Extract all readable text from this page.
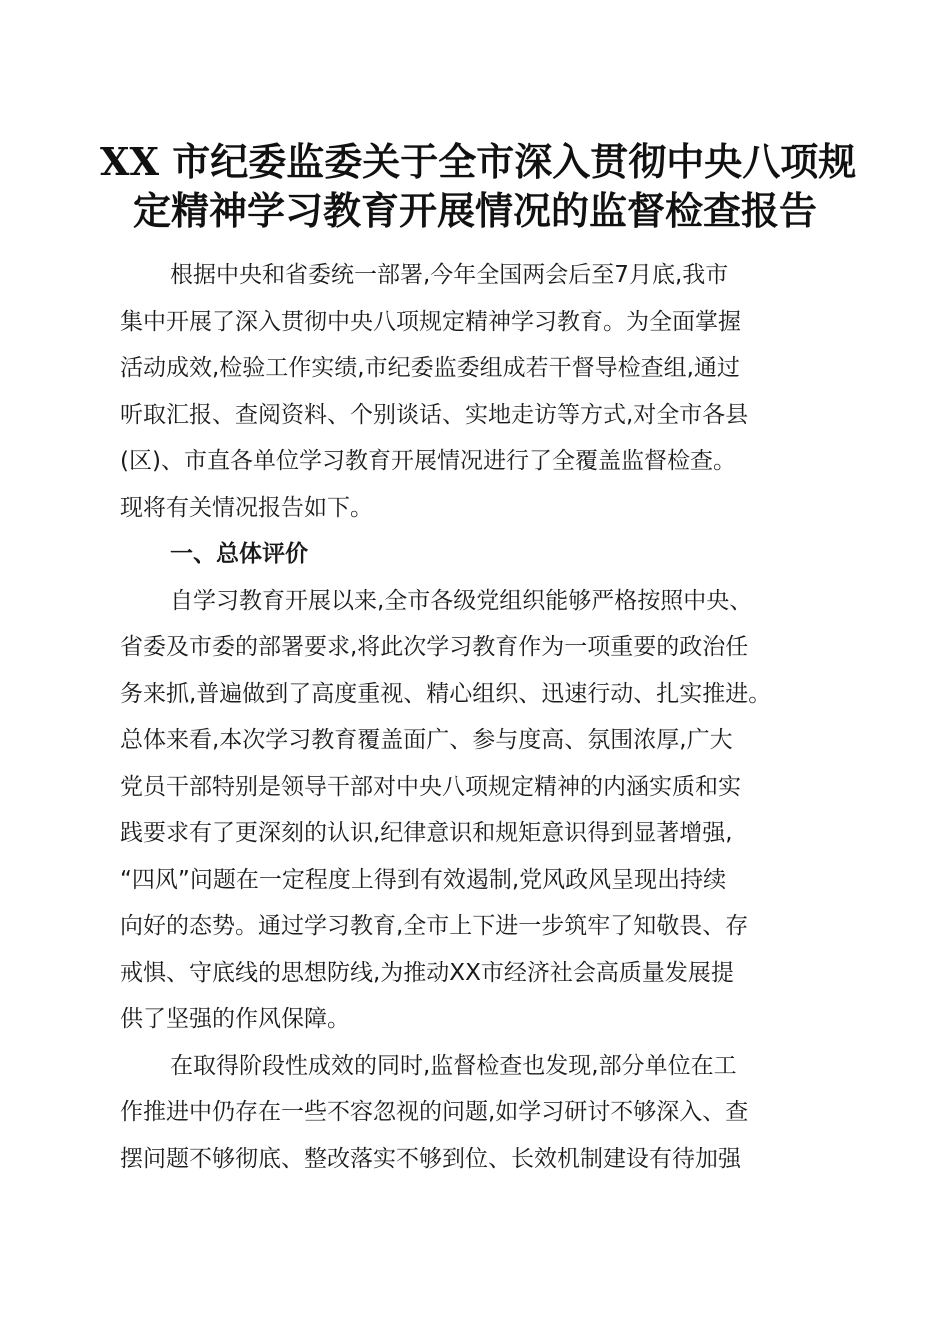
XX 市纪委监委关于全市深入贯彻中央八项规
定精神学习教育开展情况的监督检查报告
根据中央和省委统一部署,今年全国两会后至7月底,我市
集中开展了深入贯彻中央八项规定精神学习教育。为全面掌握
活动成效,检验工作实绩,市纪委监委组成若干督导检查组,通过
听取汇报、查阅资料、个别谈话、实地走访等方式,对全市各县
(区)、市直各单位学习教育开展情况进行了全覆盖监督检查。
现将有关情况报告如下。
一、总体评价
自学习教育开展以来,全市各级党组织能够严格按照中央、
省委及市委的部署要求,将此次学习教育作为一项重要的政治任
务来抓,普遍做到了高度重视、精心组织、迅速行动、扎实推进。
总体来看,本次学习教育覆盖面广、参与度高、氛围浓厚,广大
党员干部特别是领导干部对中央八项规定精神的内涵实质和实
践要求有了更深刻的认识,纪律意识和规矩意识得到显著增强,
“四风”问题在一定程度上得到有效遏制,党风政风呈现出持续
向好的态势。通过学习教育,全市上下进一步筑牢了知敬畏、存
戒惧、守底线的思想防线,为推动XX市经济社会高质量发展提
供了坚强的作风保障。
在取得阶段性成效的同时,监督检查也发现,部分单位在工
作推进中仍存在一些不容忽视的问题,如学习研讨不够深入、查
摆问题不够彻底、整改落实不够到位、长效机制建设有待加强
